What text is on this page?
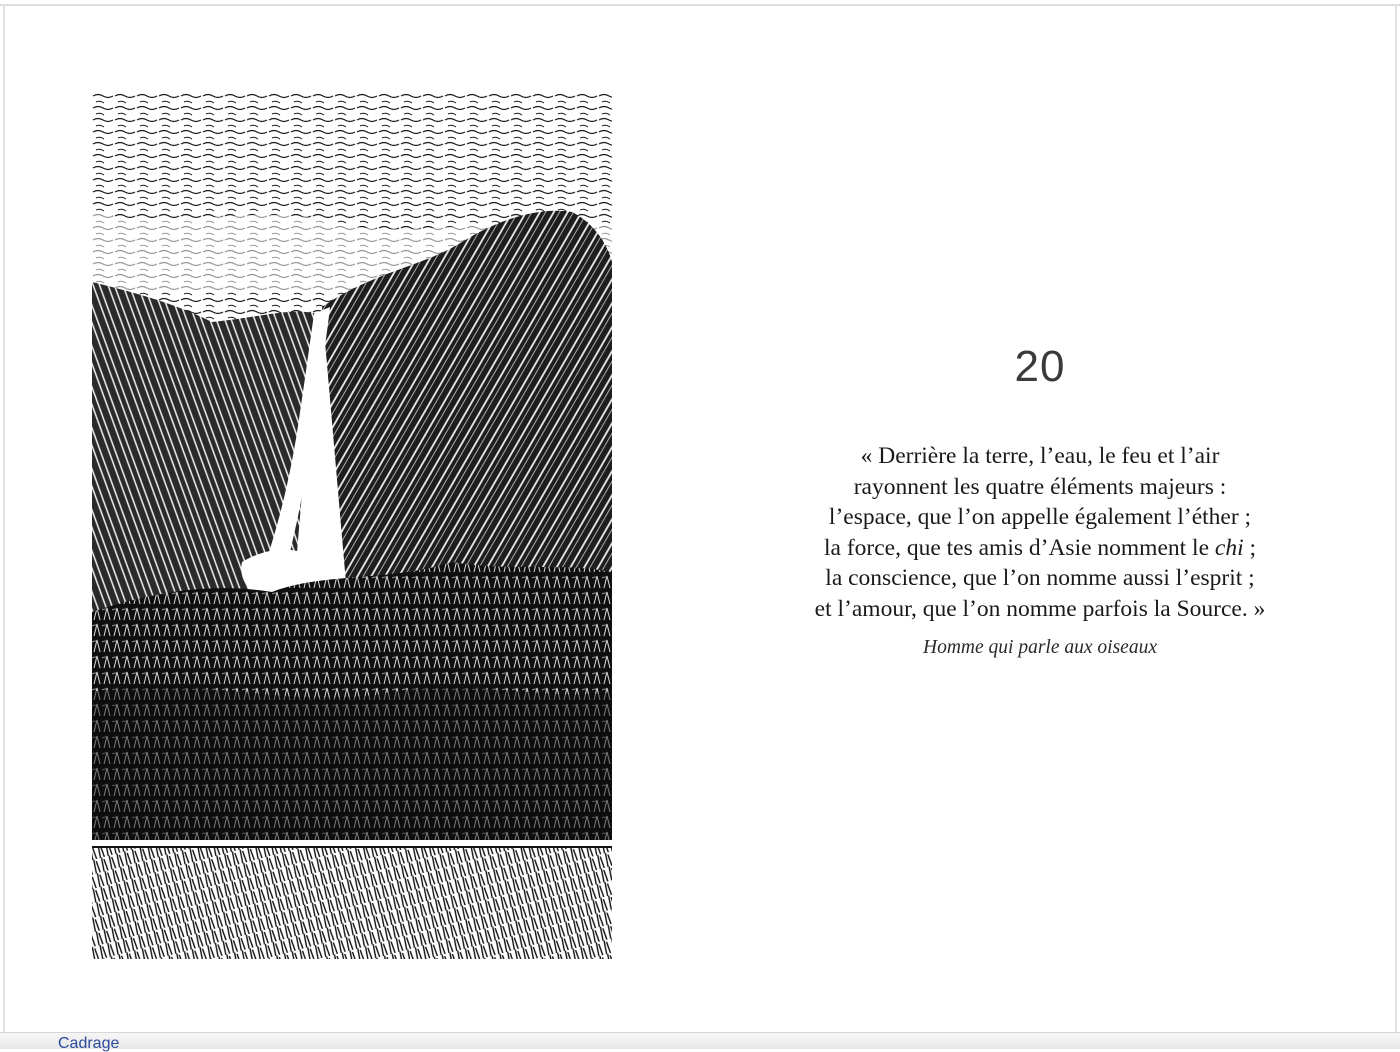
20
« Derrière la terre, l’eau, le feu et l’air
rayonnent les quatre éléments majeurs :
l’espace, que l’on appelle également l’éther ;
la force, que tes amis d’Asie nomment le chi ;
la conscience, que l’on nomme aussi l’esprit ;
et l’amour, que l’on nomme parfois la Source. »
Homme qui parle aux oiseaux
Cadrage
